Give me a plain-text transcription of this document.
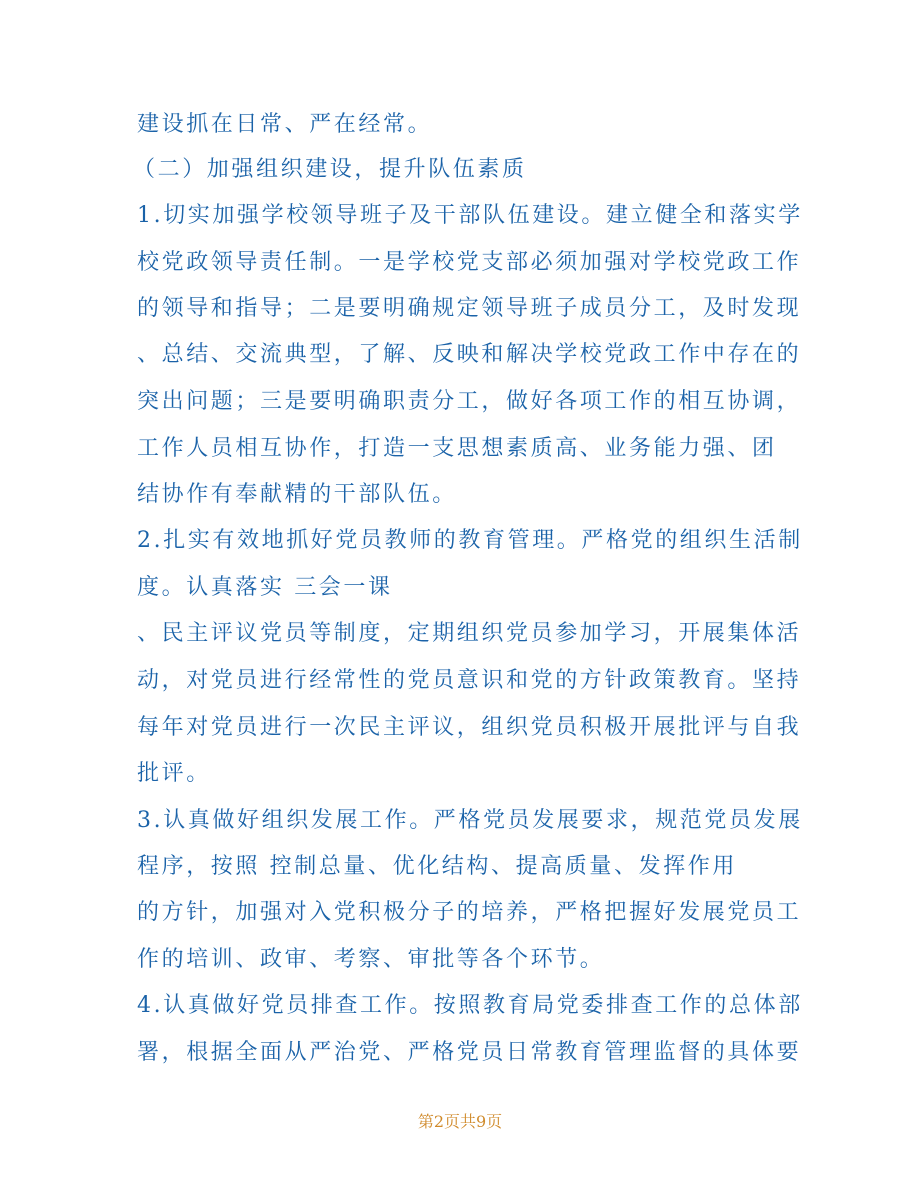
建设抓在日常、严在经常。

（二）加强组织建设，提升队伍素质

1.切实加强学校领导班子及干部队伍建设。建立健全和落实学

校党政领导责任制。一是学校党支部必须加强对学校党政工作

的领导和指导；二是要明确规定领导班子成员分工，及时发现

、总结、交流典型，了解、反映和解决学校党政工作中存在的

突出问题；三是要明确职责分工，做好各项工作的相互协调，

工作人员相互协作，打造一支思想素质高、业务能力强、团

结协作有奉献精的干部队伍。

2.扎实有效地抓好党员教师的教育管理。严格党的组织生活制

度。认真落实 三会一课

、民主评议党员等制度，定期组织党员参加学习，开展集体活

动，对党员进行经常性的党员意识和党的方针政策教育。坚持

每年对党员进行一次民主评议，组织党员积极开展批评与自我

批评。

3.认真做好组织发展工作。严格党员发展要求，规范党员发展

程序，按照 控制总量、优化结构、提高质量、发挥作用

的方针，加强对入党积极分子的培养，严格把握好发展党员工

作的培训、政审、考察、审批等各个环节。

4.认真做好党员排查工作。按照教育局党委排查工作的总体部

署，根据全面从严治党、严格党员日常教育管理监督的具体要

第2页共9页
